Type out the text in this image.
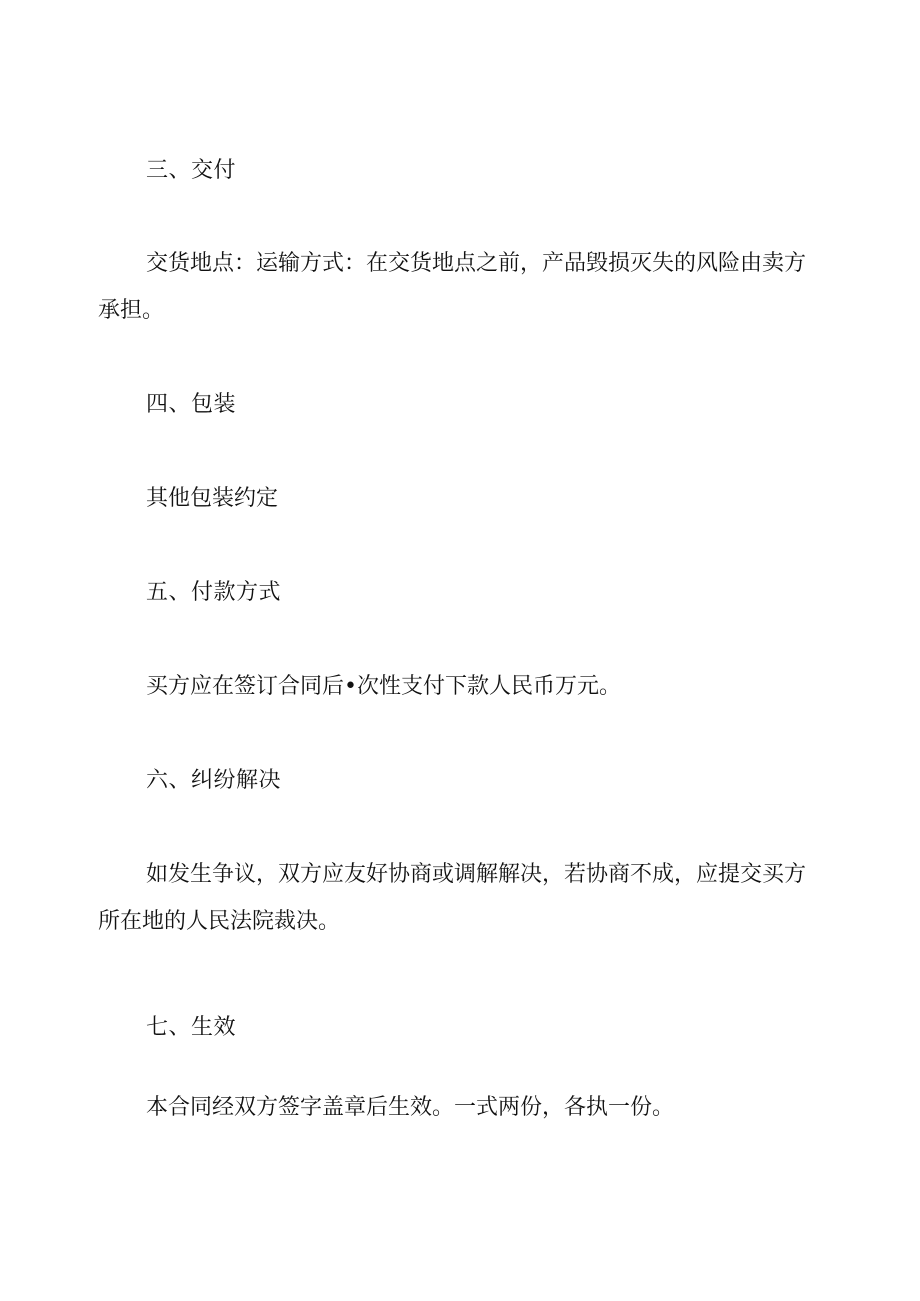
三、交付

交货地点：运输方式：在交货地点之前，产品毁损灭失的风险由卖方

承担。

四、包装

其他包装约定

五、付款方式

买方应在签订合同后•次性支付下款人民币万元。

六、纠纷解决

如发生争议，双方应友好协商或调解解决，若协商不成，应提交买方

所在地的人民法院裁决。

七、生效

本合同经双方签字盖章后生效。一式两份，各执一份。
